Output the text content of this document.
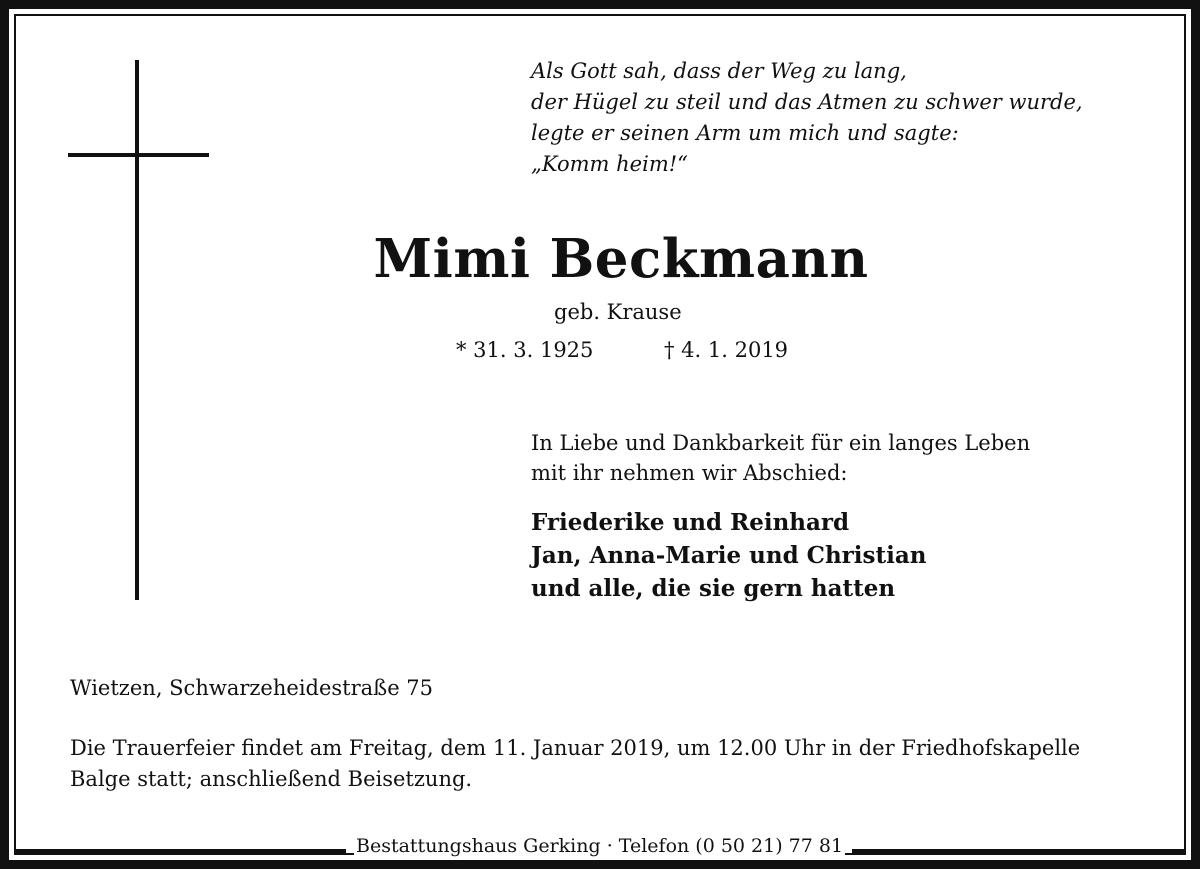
Als Gott sah, dass der Weg zu lang,
der Hügel zu steil und das Atmen zu schwer wurde,
legte er seinen Arm um mich und sagte:
„Komm heim!“
Mimi Beckmann
geb. Krause
* 31. 3. 1925	† 4. 1. 2019
In Liebe und Dankbarkeit für ein langes Leben
mit ihr nehmen wir Abschied:
Friederike und Reinhard
Jan, Anna-Marie und Christian
und alle, die sie gern hatten
Wietzen, Schwarzeheidestraße 75
Die Trauerfeier findet am Freitag, dem 11. Januar 2019, um 12.00 Uhr in der Friedhofskapelle
Balge statt; anschließend Beisetzung.
Bestattungshaus Gerking · Telefon (0 50 21) 77 81
